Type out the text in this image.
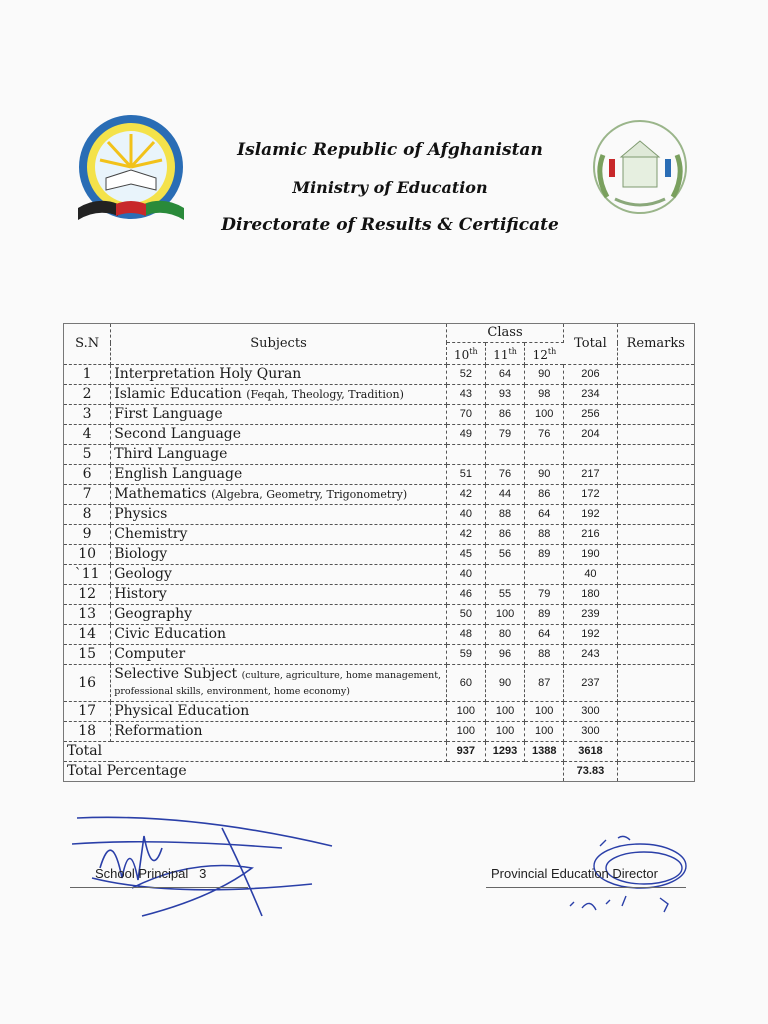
Islamic Republic of Afghanistan
Ministry of Education
Directorate of Results & Certificate
S.N	Subjects	Class			Total	Remarks
		10th	11th	12th
1	Interpretation Holy Quran	52	64	90	206	
2	Islamic Education (Feqah, Theology, Tradition)	43	93	98	234	
3	First Language	70	86	100	256	
4	Second Language	49	79	76	204	
5	Third Language					
6	English Language	51	76	90	217	
7	Mathematics (Algebra, Geometry, Trigonometry)	42	44	86	172	
8	Physics	40	88	64	192	
9	Chemistry	42	86	88	216	
10	Biology	45	56	89	190	
`11	Geology	40			40	
12	History	46	55	79	180	
13	Geography	50	100	89	239	
14	Civic Education	48	80	64	192	
15	Computer	59	96	88	243	
16	Selective Subject (culture, agriculture, home management,
professional skills, environment, home economy)	60	90	87	237	
17	Physical Education	100	100	100	300	
18	Reformation	100	100	100	300	
Total		937	1293	1388	3618	
Total Percentage					73.83	
School Principal 3	Provincial Education Director
